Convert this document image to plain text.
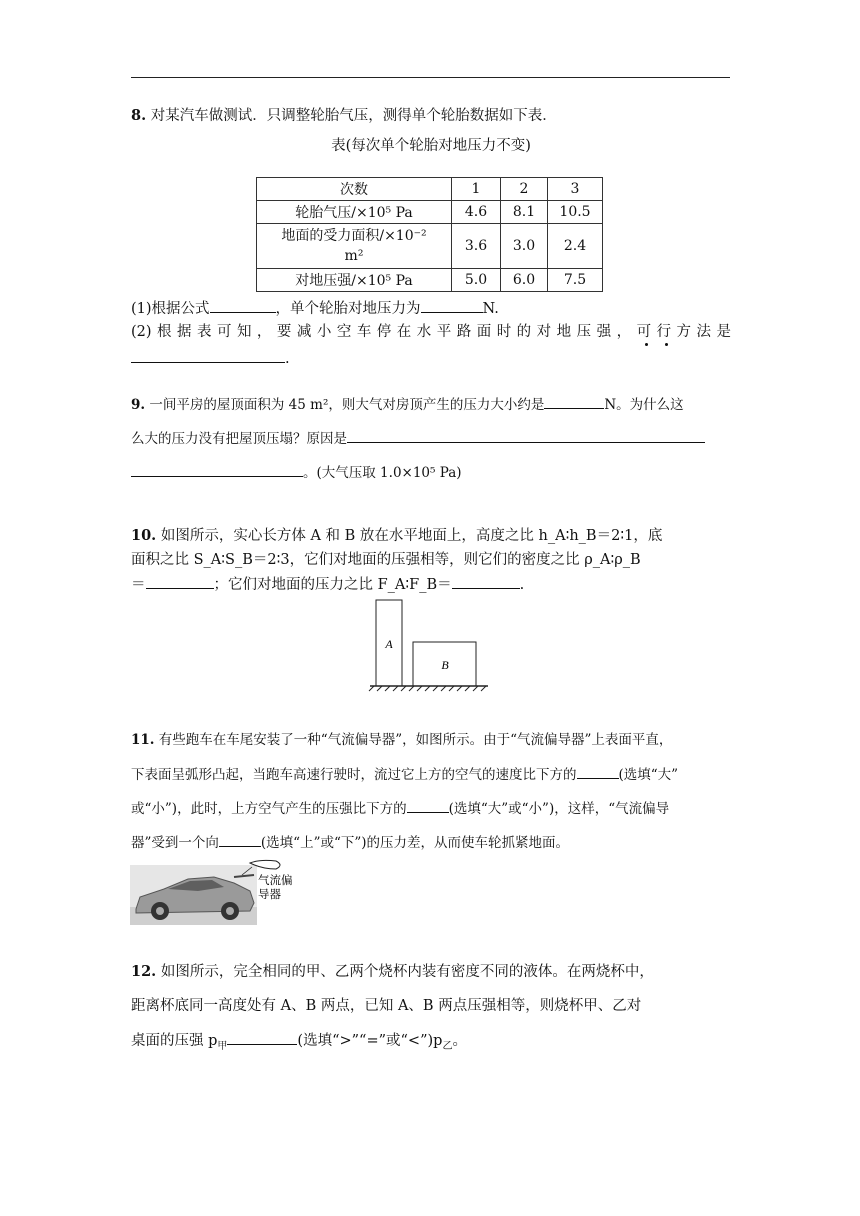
8. 对某汽车做测试．只调整轮胎气压，测得单个轮胎数据如下表．
表(每次单个轮胎对地压力不变)
次数	1	2	3
轮胎气压/×10⁵ Pa	4.6	8.1	10.5

地面的受力面积/×10⁻²
m²	3.6	3.0	2.4
对地压强/×10⁵ Pa	5.0	6.0	7.5
(1)根据公式	，单个轮胎对地压力为	N.
(2)根据表可知，要减小空车停在水平路面时的对地压强，可行方法是
.
9. 一间平房的屋顶面积为 45 m²，则大气对房顶产生的压力大小约是	N。为什么这
么大的压力没有把屋顶压塌？原因是
。(大气压取 1.0×10⁵ Pa)
10. 如图所示，实心长方体 A 和 B 放在水平地面上，高度之比 h_A∶h_B＝2∶1，底
面积之比 S_A∶S_B＝2∶3，它们对地面的压强相等，则它们的密度之比 ρ_A∶ρ_B
＝	；它们对地面的压力之比 F_A∶F_B＝	.
A
B
11. 有些跑车在车尾安装了一种“气流偏导器”，如图所示。由于“气流偏导器”上表面平直，
下表面呈弧形凸起，当跑车高速行驶时，流过它上方的空气的速度比下方的	(选填“大”
或“小”)，此时，上方空气产生的压强比下方的	(选填“大”或“小”)，这样，“气流偏导
器”受到一个向	(选填“上”或“下”)的压力差，从而使车轮抓紧地面。
气流偏
导器
12. 如图所示，完全相同的甲、乙两个烧杯内装有密度不同的液体。在两烧杯中，
距离杯底同一高度处有 A、B 两点，已知 A、B 两点压强相等，则烧杯甲、乙对
桌面的压强 $p_甲$	(选填“>”“=”或“$<”)p_乙$。
